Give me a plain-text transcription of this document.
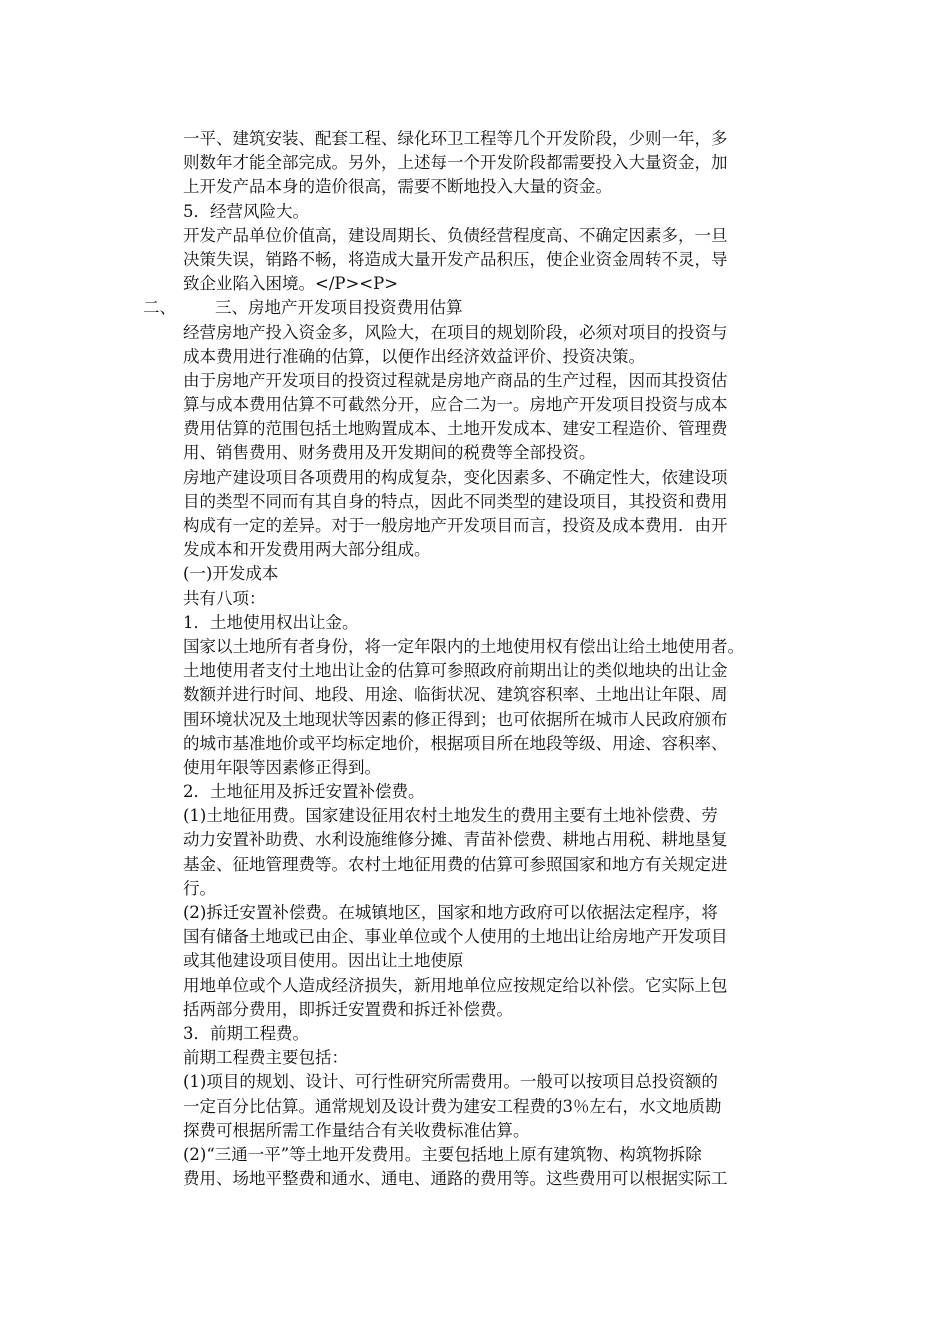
一平、建筑安装、配套工程、绿化环卫工程等几个开发阶段，少则一年，多
则数年才能全部完成。另外，上述每一个开发阶段都需要投入大量资金，加
上开发产品本身的造价很高，需要不断地投入大量的资金。
5．经营风险大。
开发产品单位价值高，建设周期长、负债经营程度高、不确定因素多，一旦
决策失误，销路不畅，将造成大量开发产品积压，使企业资金周转不灵，导
致企业陷入困境。</P><P>
二、 三、房地产开发项目投资费用估算
经营房地产投入资金多，风险大，在项目的规划阶段，必须对项目的投资与
成本费用进行准确的估算，以便作出经济效益评价、投资决策。
由于房地产开发项目的投资过程就是房地产商品的生产过程，因而其投资估
算与成本费用估算不可截然分开，应合二为一。房地产开发项目投资与成本
费用估算的范围包括土地购置成本、土地开发成本、建安工程造价、管理费
用、销售费用、财务费用及开发期间的税费等全部投资。
房地产建设项目各项费用的构成复杂，变化因素多、不确定性大，依建设项
目的类型不同而有其自身的特点，因此不同类型的建设项目，其投资和费用
构成有一定的差异。对于一般房地产开发项目而言，投资及成本费用．由开
发成本和开发费用两大部分组成。
(一)开发成本
共有八项：
1．土地使用权出让金。
国家以土地所有者身份，将一定年限内的土地使用权有偿出让给土地使用者。
土地使用者支付土地出让金的估算可参照政府前期出让的类似地块的出让金
数额并进行时间、地段、用途、临街状况、建筑容积率、土地出让年限、周
围环境状况及土地现状等因素的修正得到；也可依据所在城市人民政府颁布
的城市基准地价或平均标定地价，根据项目所在地段等级、用途、容积率、
使用年限等因素修正得到。
2．土地征用及拆迁安置补偿费。
(1)土地征用费。国家建设征用农村土地发生的费用主要有土地补偿费、劳
动力安置补助费、水利设施维修分摊、青苗补偿费、耕地占用税、耕地垦复
基金、征地管理费等。农村土地征用费的估算可参照国家和地方有关规定进
行。
(2)拆迁安置补偿费。在城镇地区，国家和地方政府可以依据法定程序，将
国有储备土地或已由企、事业单位或个人使用的土地出让给房地产开发项目
或其他建设项目使用。因出让土地使原
用地单位或个人造成经济损失，新用地单位应按规定给以补偿。它实际上包
括两部分费用，即拆迁安置费和拆迁补偿费。
3．前期工程费。
前期工程费主要包括：
(1)项目的规划、设计、可行性研究所需费用。一般可以按项目总投资额的
一定百分比估算。通常规划及设计费为建安工程费的3％左右，水文地质勘
探费可根据所需工作量结合有关收费标准估算。
(2)“三通一平”等土地开发费用。主要包括地上原有建筑物、构筑物拆除
费用、场地平整费和通水、通电、通路的费用等。这些费用可以根据实际工
